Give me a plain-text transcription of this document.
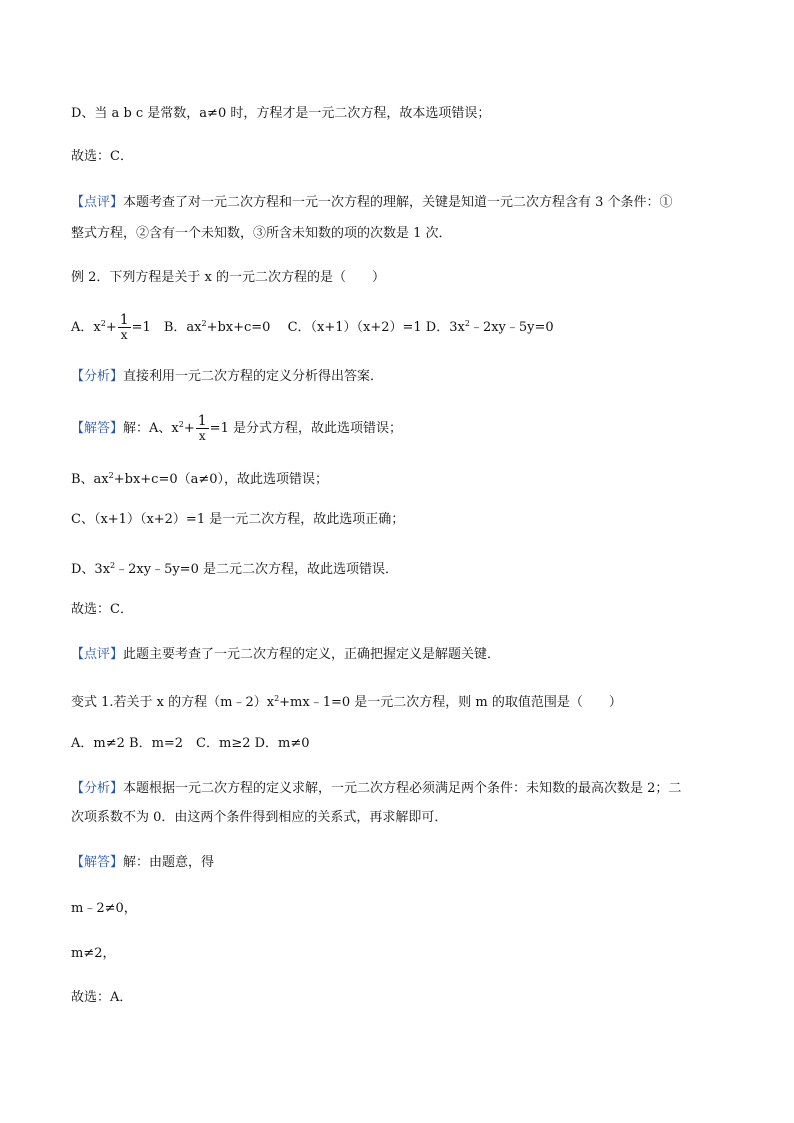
D、当 a b c 是常数，a≠0 时，方程才是一元二次方程，故本选项错误；
故选：C．
【点评】本题考查了对一元二次方程和一元一次方程的理解，关键是知道一元二次方程含有 3 个条件：①
整式方程，②含有一个未知数，③所含未知数的项的次数是 1 次．
例 2．下列方程是关于 x 的一元二次方程的是（　　）
A．$x^2+ \frac{1}{x} =1$　B．$ax^2+bx+c=0$　 C．（x+1）（x+2）=1 D．$3x^2﹣2xy﹣5y=0$
【分析】直接利用一元二次方程的定义分析得出答案．
【解答】解：A、$x^2+ \frac{1}{x} =1$ 是分式方程，故此选项错误；
B、$ax^2+bx+c=0(a\ne 0)$，故此选项错误；
C、（x+1）（x+2）=1 是一元二次方程，故此选项正确；
D、$3x^2﹣2xy﹣5y=0$ 是二元二次方程，故此选项错误．
故选：C．
【点评】此题主要考查了一元二次方程的定义，正确把握定义是解题关键．
变式 1.若关于 x 的方程$(m﹣2)x^2+mx﹣1=0$ 是一元二次方程，则 m 的取值范围是（　　）
A．m≠2 B．m=2　C．m≥2 D．m≠0
【分析】本题根据一元二次方程的定义求解，一元二次方程必须满足两个条件：未知数的最高次数是 2；二
次项系数不为 0．由这两个条件得到相应的关系式，再求解即可．
【解答】解：由题意，得
m﹣2≠0，
m≠2，
故选：A．
